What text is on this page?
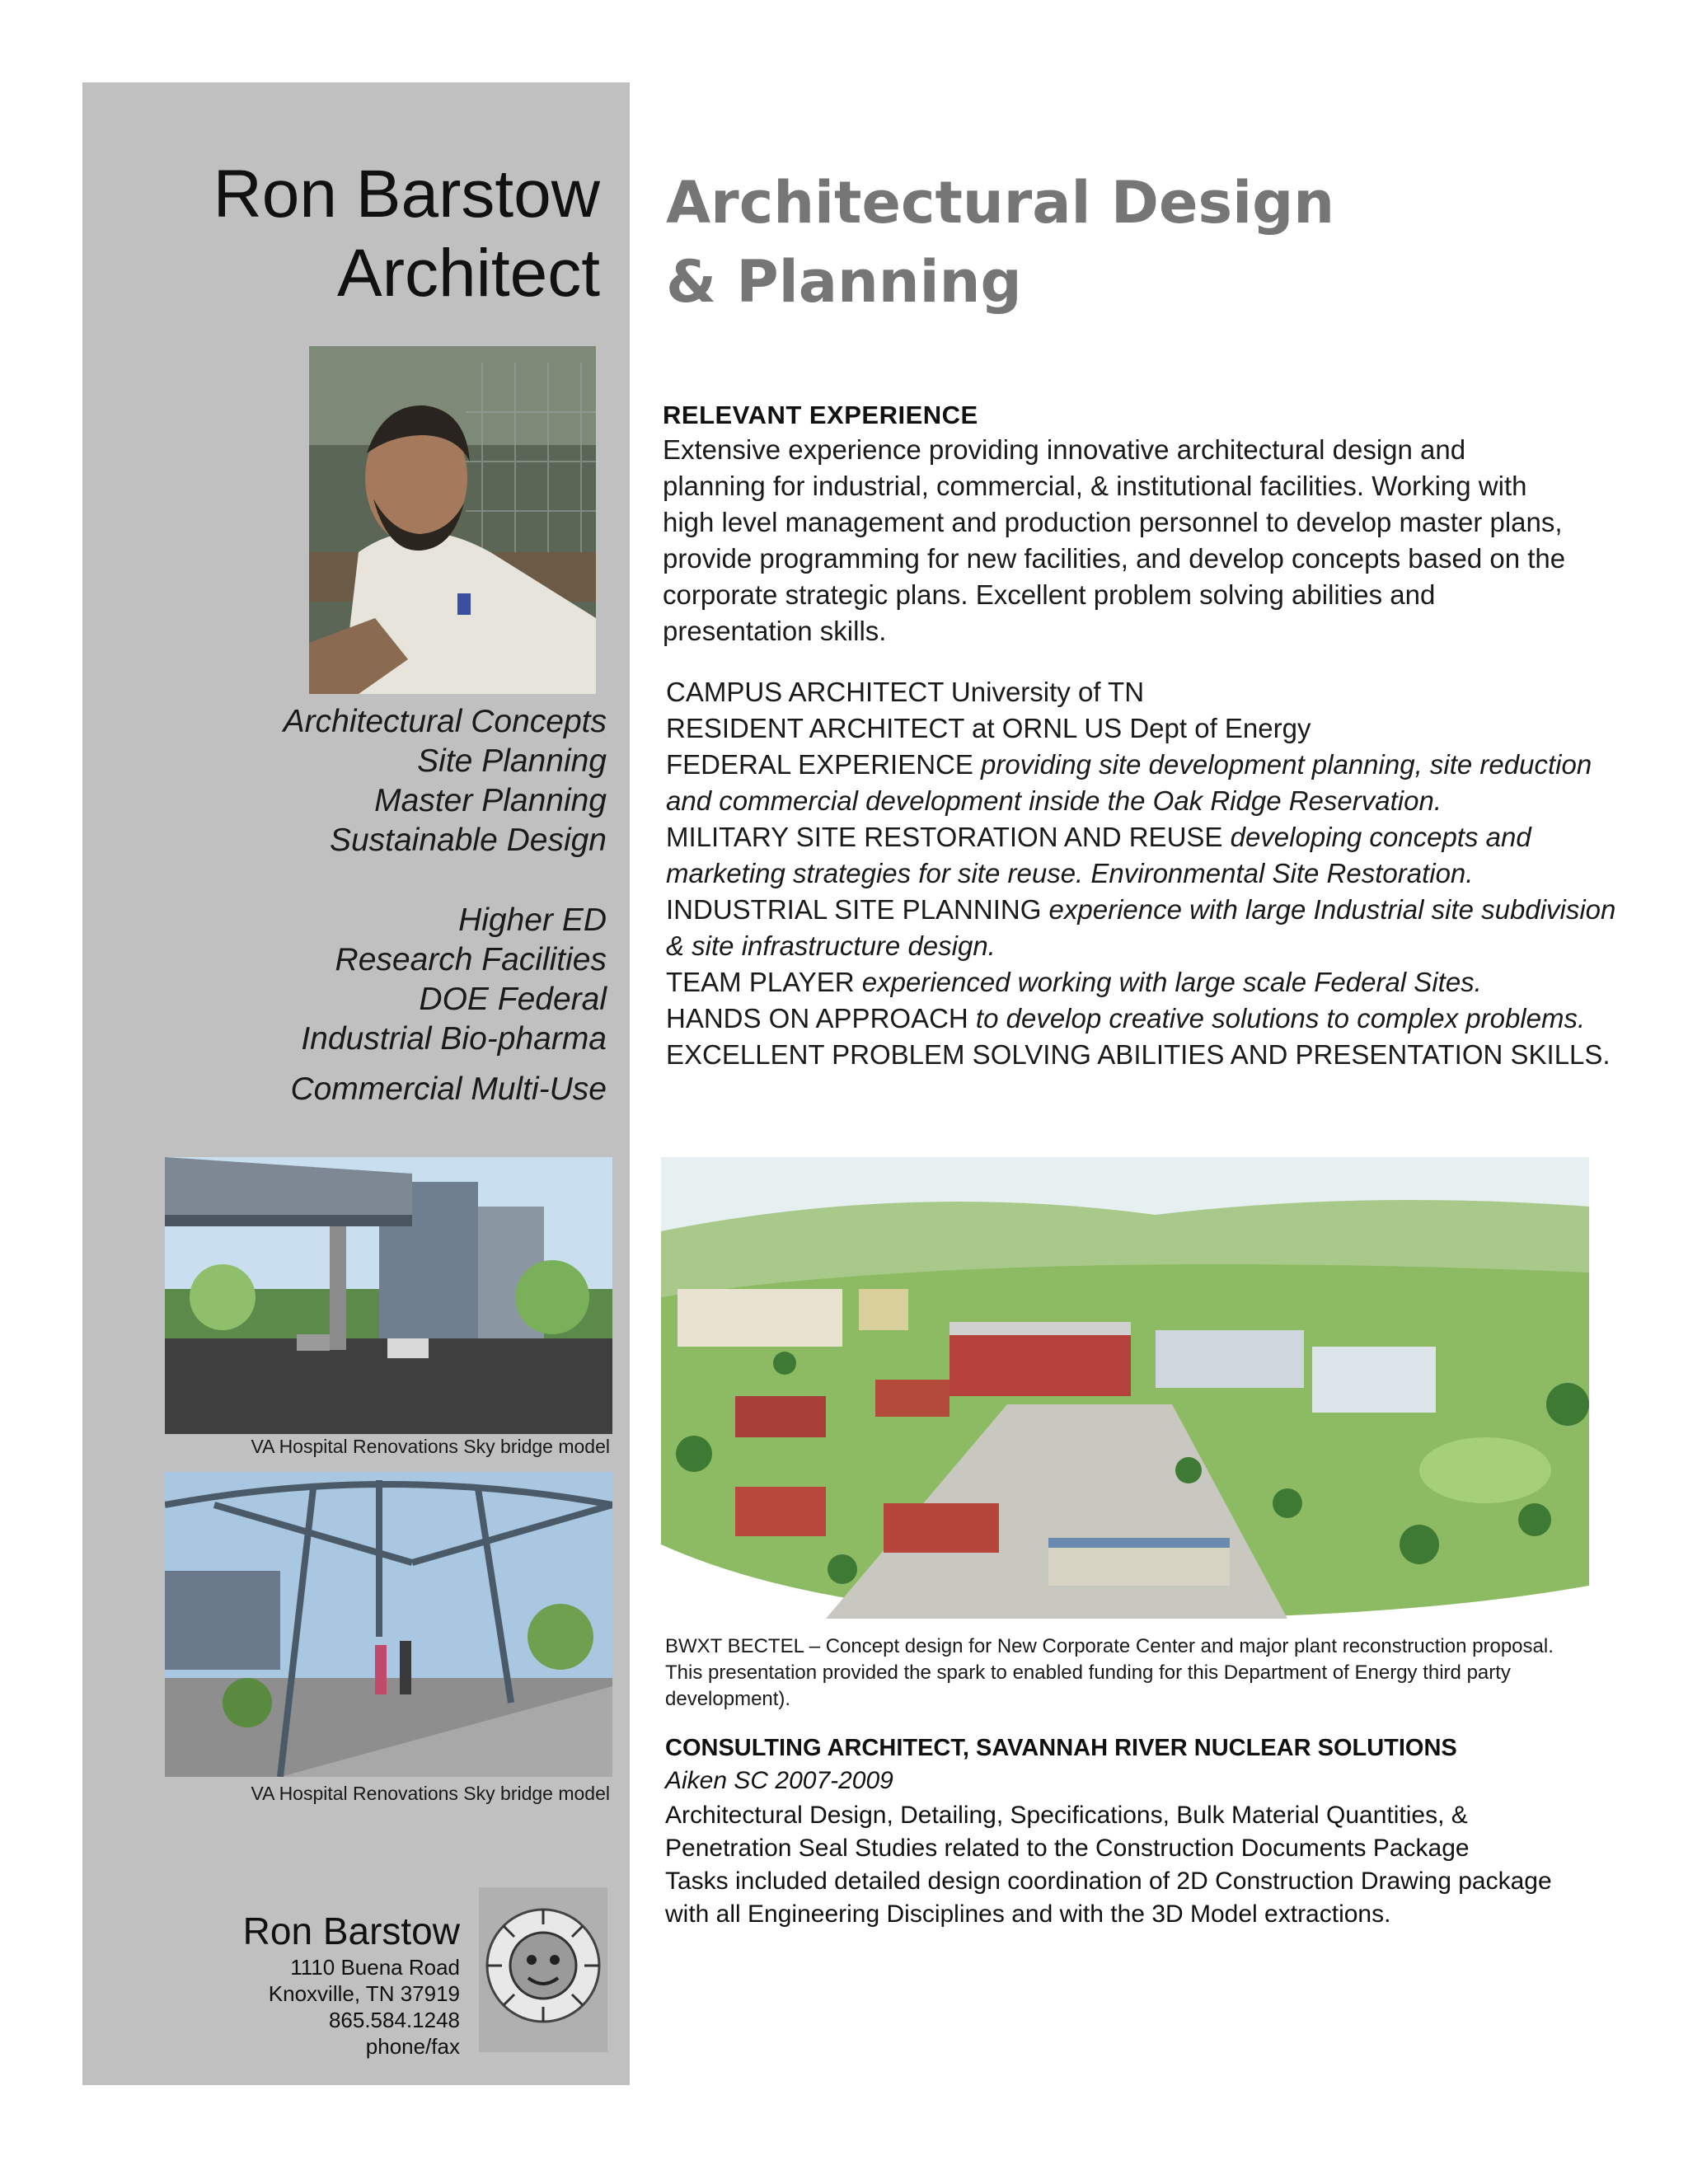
Ron Barstow
Architect
Architectural Concepts
Site Planning
Master Planning
Sustainable Design
Higher ED
Research Facilities
DOE Federal
Industrial Bio-pharma
Commercial Multi-Use
VA Hospital Renovations Sky bridge model
VA Hospital Renovations Sky bridge model
Ron Barstow
1110 Buena Road
Knoxville, TN 37919
865.584.1248
phone/fax
Architectural Design
& Planning
RELEVANT EXPERIENCE
Extensive experience providing innovative architectural design and planning for industrial, commercial, & institutional facilities. Working with high level management and production personnel to develop master plans, provide programming for new facilities, and develop concepts based on the corporate strategic plans. Excellent problem solving abilities and presentation skills.

CAMPUS ARCHITECT University of TN

RESIDENT ARCHITECT at ORNL US Dept of Energy

FEDERAL EXPERIENCE providing site development planning, site reduction and commercial development inside the Oak Ridge Reservation.

MILITARY SITE RESTORATION AND REUSE developing concepts and marketing strategies for site reuse. Environmental Site Restoration.

INDUSTRIAL SITE PLANNING experience with large Industrial site subdivision & site infrastructure design.

TEAM PLAYER experienced working with large scale Federal Sites.

HANDS ON APPROACH to develop creative solutions to complex problems.

EXCELLENT PROBLEM SOLVING ABILITIES AND PRESENTATION SKILLS.

BWXT BECTEL – Concept design for New Corporate Center and major plant reconstruction proposal. This presentation provided the spark to enabled funding for this Department of Energy third party development).
CONSULTING ARCHITECT, SAVANNAH RIVER NUCLEAR SOLUTIONS
Aiken SC 2007-2009
Architectural Design, Detailing, Specifications, Bulk Material Quantities, &
Penetration Seal Studies related to the Construction Documents Package
Tasks included detailed design coordination of 2D Construction Drawing package
with all Engineering Disciplines and with the 3D Model extractions.
